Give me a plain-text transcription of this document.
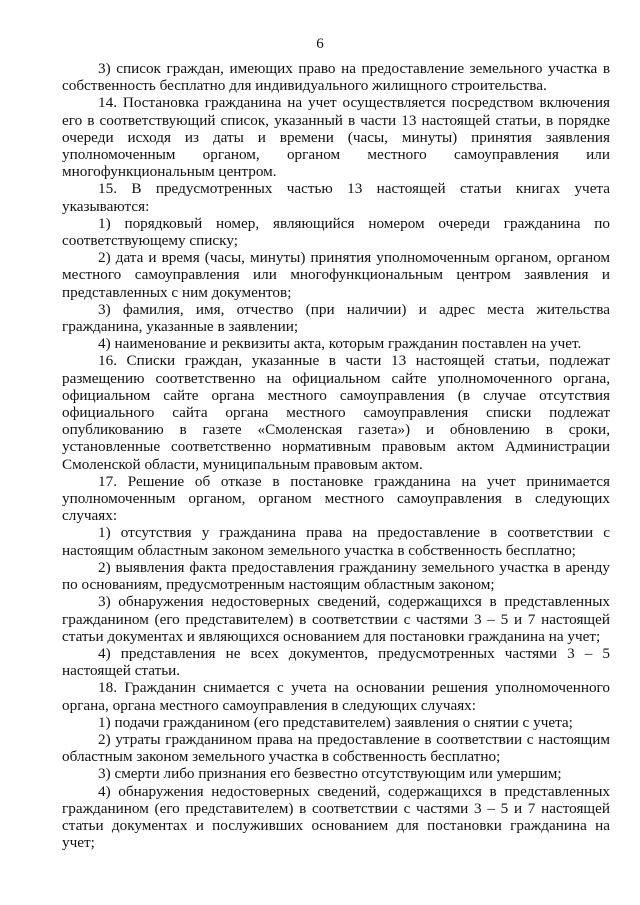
6

3) список граждан, имеющих право на предоставление земельного участка в собственность бесплатно для индивидуального жилищного строительства.

14. Постановка гражданина на учет осуществляется посредством включения его в соответствующий список, указанный в части 13 настоящей статьи, в порядке очереди исходя из даты и времени (часы, минуты) принятия заявления уполномоченным органом, органом местного самоуправления или многофункциональным центром.

15. В предусмотренных частью 13 настоящей статьи книгах учета указываются:

1) порядковый номер, являющийся номером очереди гражданина по соответствующему списку;

2) дата и время (часы, минуты) принятия уполномоченным органом, органом местного самоуправления или многофункциональным центром заявления и представленных с ним документов;

3) фамилия, имя, отчество (при наличии) и адрес места жительства гражданина, указанные в заявлении;

4) наименование и реквизиты акта, которым гражданин поставлен на учет.

16. Списки граждан, указанные в части 13 настоящей статьи, подлежат размещению соответственно на официальном сайте уполномоченного органа, официальном сайте органа местного самоуправления (в случае отсутствия официального сайта органа местного самоуправления списки подлежат опубликованию в газете «Смоленская газета») и обновлению в сроки, установленные соответственно нормативным правовым актом Администрации Смоленской области, муниципальным правовым актом.

17. Решение об отказе в постановке гражданина на учет принимается уполномоченным органом, органом местного самоуправления в следующих случаях:

1) отсутствия у гражданина права на предоставление в соответствии с настоящим областным законом земельного участка в собственность бесплатно;

2) выявления факта предоставления гражданину земельного участка в аренду по основаниям, предусмотренным настоящим областным законом;

3) обнаружения недостоверных сведений, содержащихся в представленных гражданином (его представителем) в соответствии с частями 3 – 5 и 7 настоящей статьи документах и являющихся основанием для постановки гражданина на учет;

4) представления не всех документов, предусмотренных частями 3 – 5 настоящей статьи.

18. Гражданин снимается с учета на основании решения уполномоченного органа, органа местного самоуправления в следующих случаях:

1) подачи гражданином (его представителем) заявления о снятии с учета;

2) утраты гражданином права на предоставление в соответствии с настоящим областным законом земельного участка в собственность бесплатно;

3) смерти либо признания его безвестно отсутствующим или умершим;

4) обнаружения недостоверных сведений, содержащихся в представленных гражданином (его представителем) в соответствии с частями 3 – 5 и 7 настоящей статьи документах и послуживших основанием для постановки гражданина на учет;
